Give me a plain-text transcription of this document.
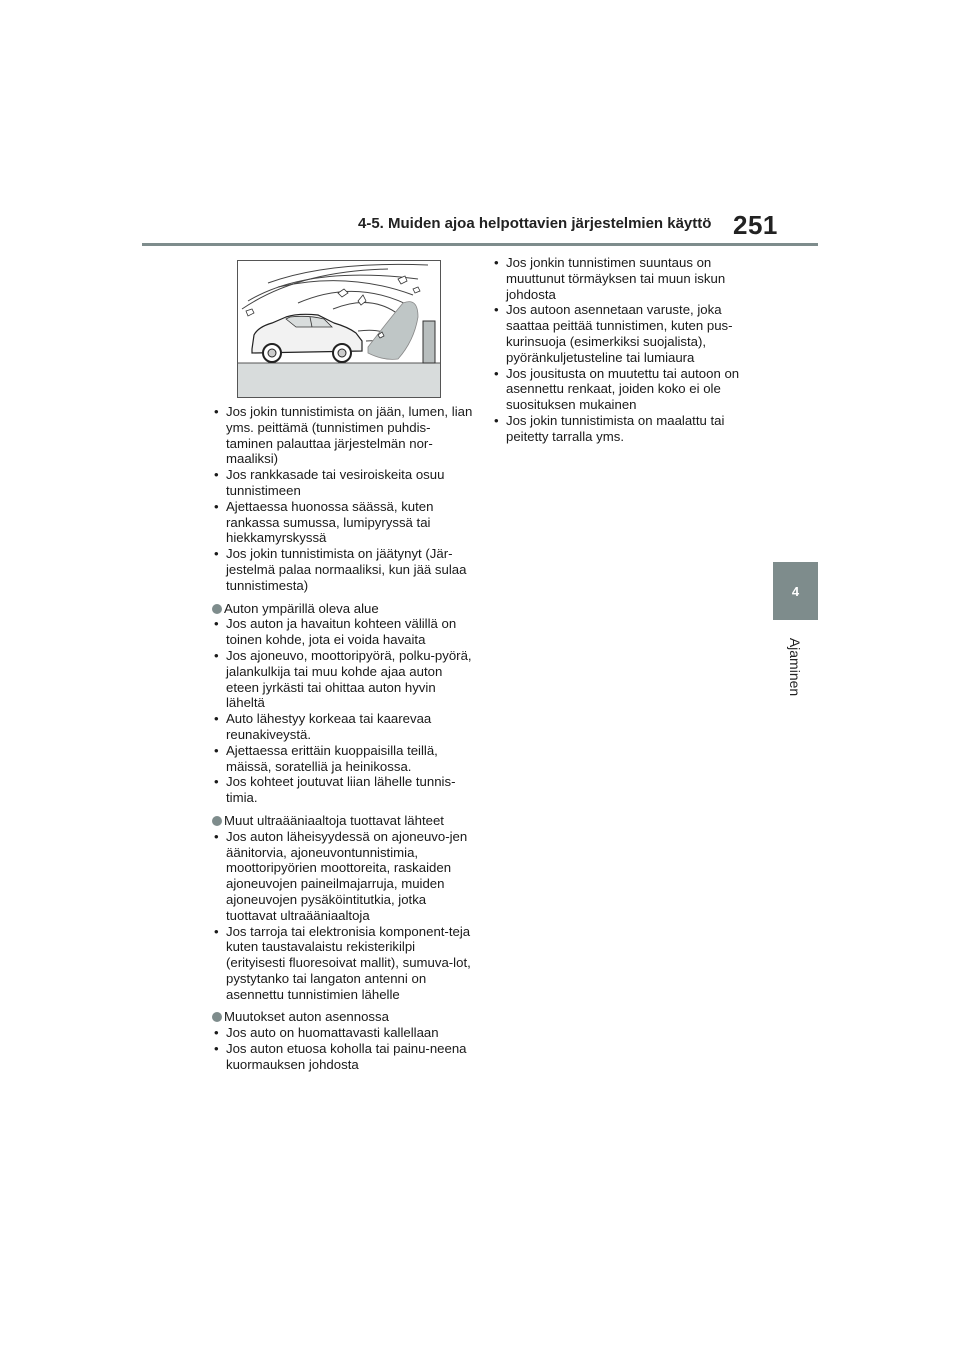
4-5. Muiden ajoa helpottavien järjestelmien käyttö 251
4
Ajaminen
• Jos jokin tunnistimista on jään, lumen, lian yms. peittämä (tunnistimen puhdis-taminen palauttaa järjestelmän nor-maaliksi)
• Jos rankkasade tai vesiroiskeita osuu tunnistimeen
• Ajettaessa huonossa säässä, kuten rankassa sumussa, lumipyryssä tai hiekkamyrskyssä
• Jos jokin tunnistimista on jäätynyt (Jär-jestelmä palaa normaaliksi, kun jää sulaa tunnistimesta)
Auton ympärillä oleva alue
• Jos auton ja havaitun kohteen välillä on toinen kohde, jota ei voida havaita
• Jos ajoneuvo, moottoripyörä, polku-pyörä, jalankulkija tai muu kohde ajaa auton eteen jyrkästi tai ohittaa auton hyvin läheltä
• Auto lähestyy korkeaa tai kaarevaa reunakiveystä.
• Ajettaessa erittäin kuoppaisilla teillä, mäissä, soratelliä ja heinikossa.
• Jos kohteet joutuvat liian lähelle tunnis-timia.
Muut ultraääniaaltoja tuottavat lähteet
• Jos auton läheisyydessä on ajoneuvo-jen äänitorvia, ajoneuvontunnistimia, moottoripyörien moottoreita, raskaiden ajoneuvojen paineilmajarruja, muiden ajoneuvojen pysäköintitutkia, jotka tuottavat ultraääniaaltoja
• Jos tarroja tai elektronisia komponent-teja kuten taustavalaistu rekisterikilpi (erityisesti fluoresoivat mallit), sumuva-lot, pystytanko tai langaton antenni on asennettu tunnistimien lähelle
Muutokset auton asennossa
• Jos auto on huomattavasti kallellaan
• Jos auton etuosa koholla tai painu-neena kuormauksen johdosta
• Jos jonkin tunnistimen suuntaus on muuttunut törmäyksen tai muun iskun johdosta
• Jos autoon asennetaan varuste, joka saattaa peittää tunnistimen, kuten pus-kurinsuoja (esimerkiksi suojalista), pyöränkuljetusteline tai lumiaura
• Jos jousitusta on muutettu tai autoon on asennettu renkaat, joiden koko ei ole suosituksen mukainen
• Jos jokin tunnistimista on maalattu tai peitetty tarralla yms.
